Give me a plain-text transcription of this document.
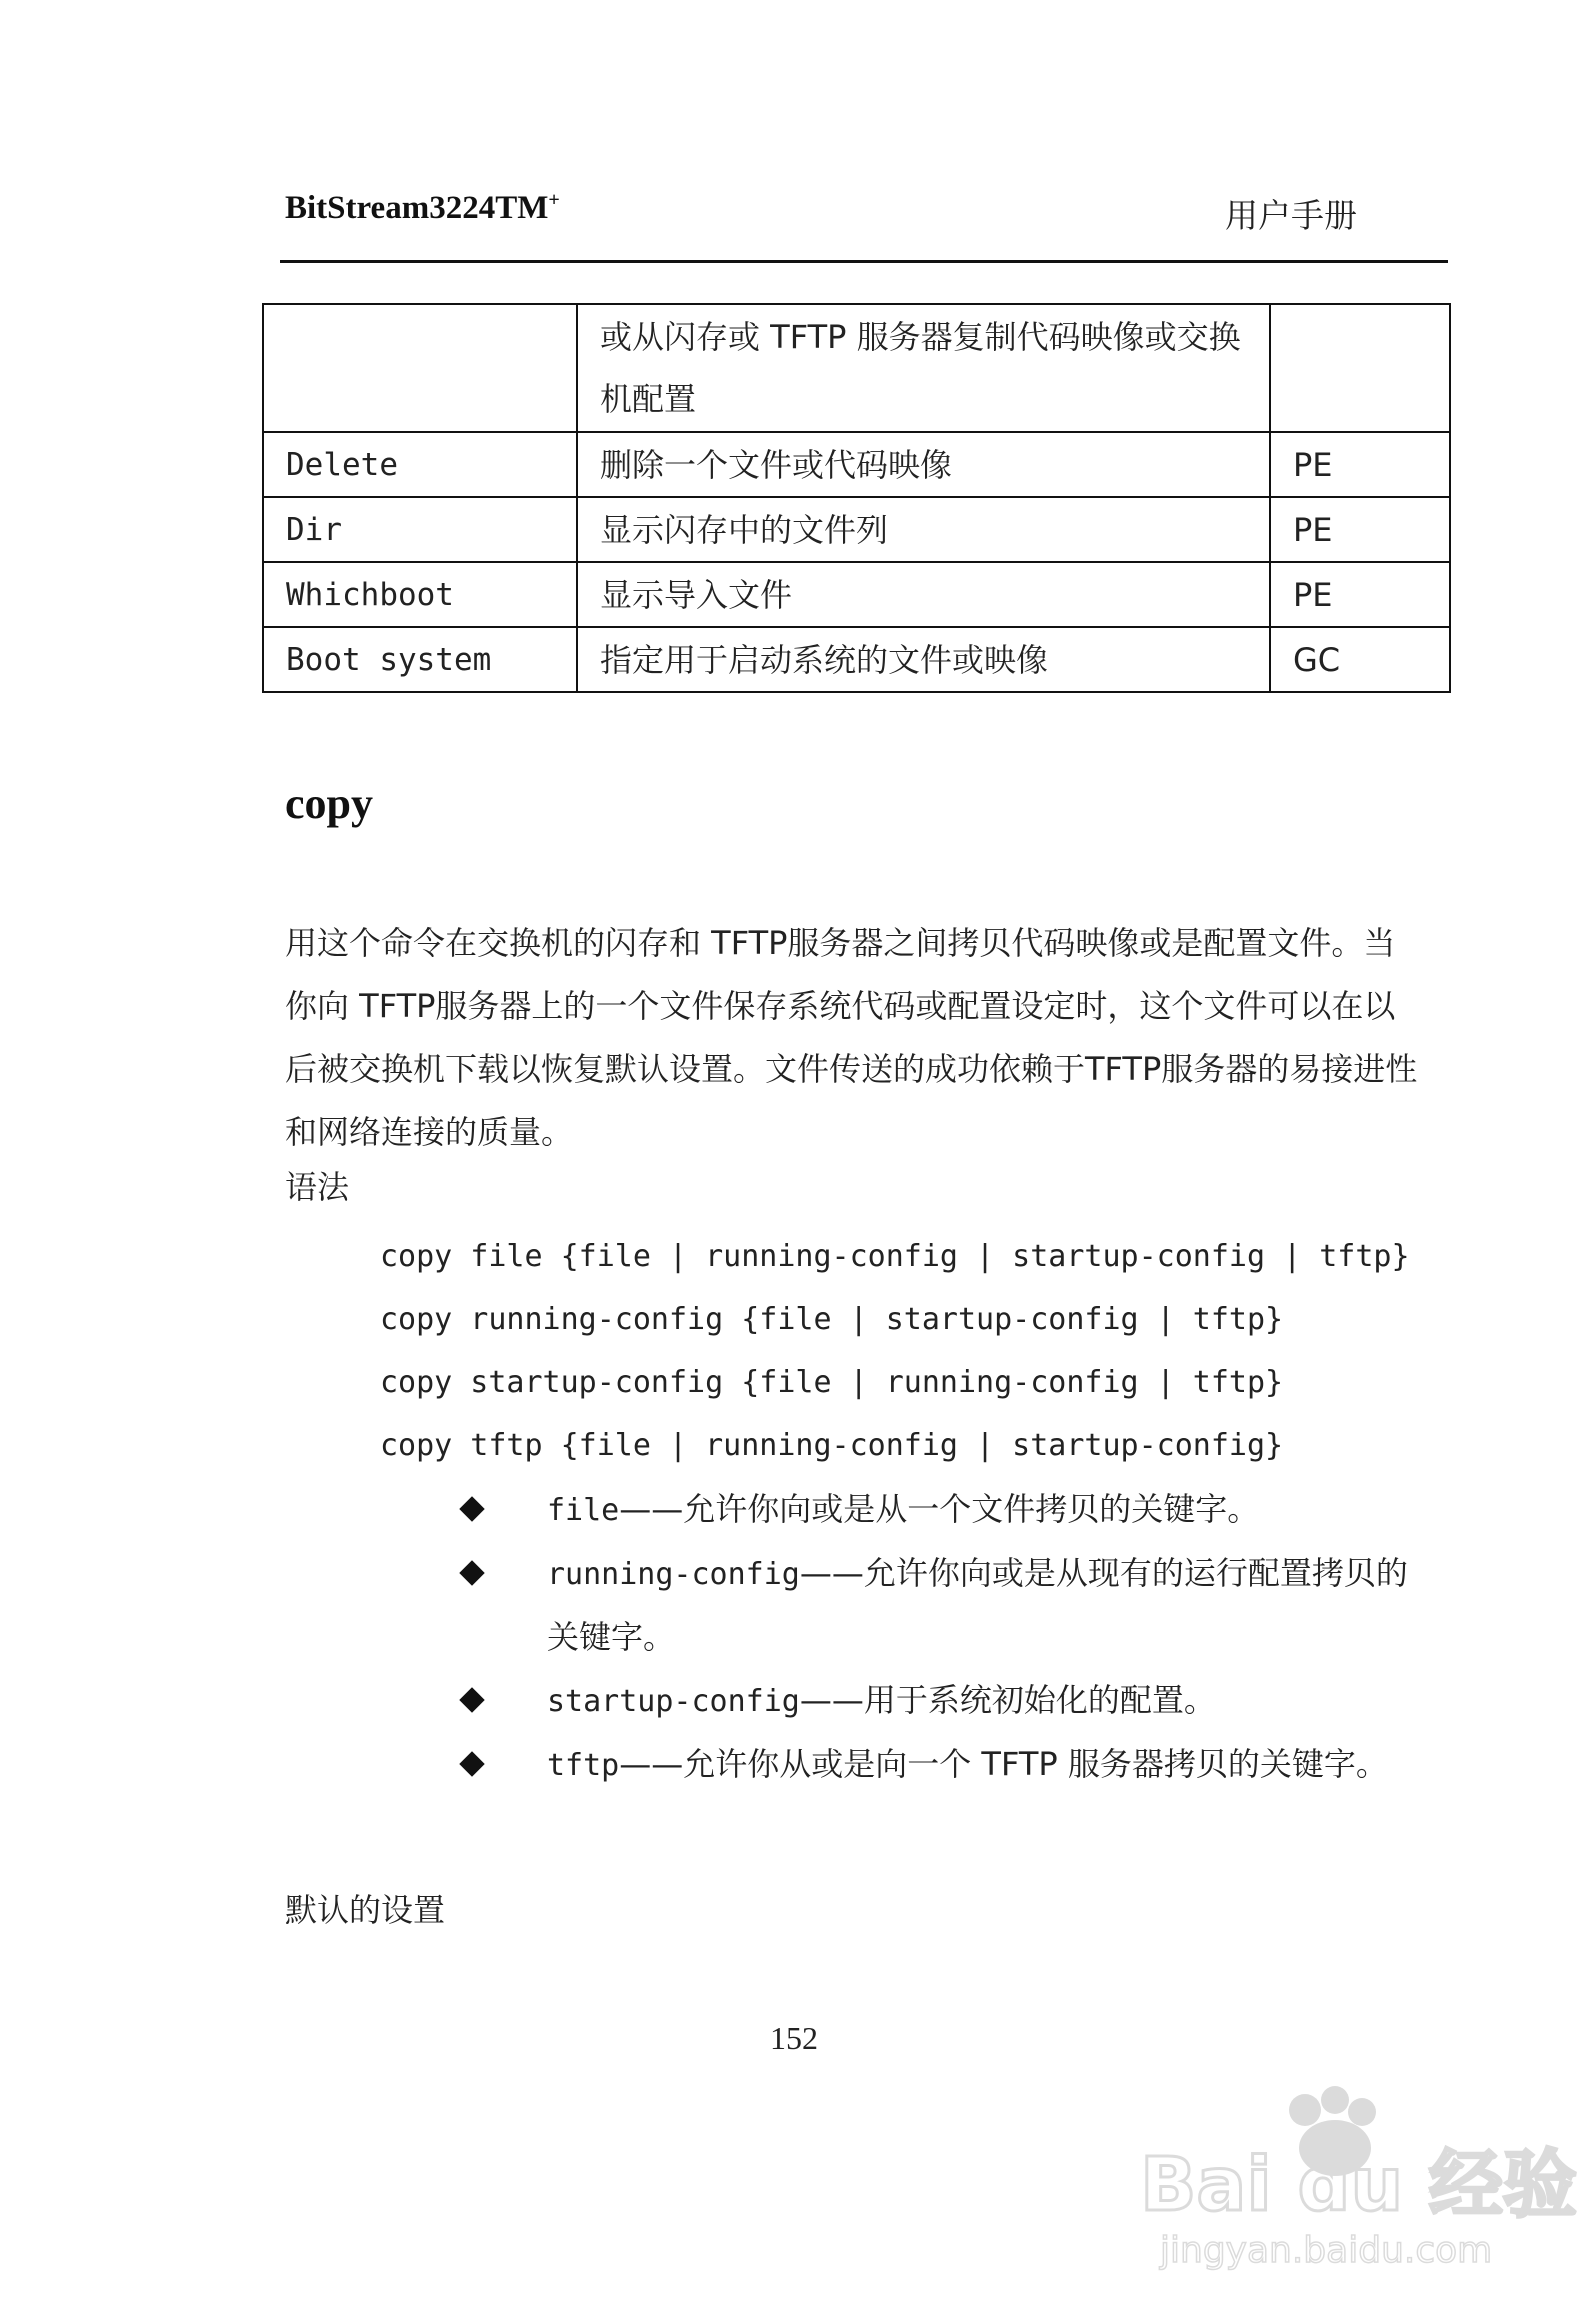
BitStream3224TM+	用户手册
	或从闪存或 TFTP 服务器复制代码映像或交换机配置	
Delete	删除一个文件或代码映像	PE
Dir	显示闪存中的文件列	PE
Whichboot	显示导入文件	PE
Boot system	指定用于启动系统的文件或映像	GC
copy
用这个命令在交换机的闪存和 TFTP服务器之间拷贝代码映像或是配置文件。当你向 TFTP服务器上的一个文件保存系统代码或配置设定时，这个文件可以在以后被交换机下载以恢复默认设置。文件传送的成功依赖于TFTP服务器的易接进性和网络连接的质量。
语法
copy file {file | running-config | startup-config | tftp}
copy running-config {file | startup-config | tftp}
copy startup-config {file | running-config | tftp}
copy tftp {file | running-config | startup-config}
file——允许你向或是从一个文件拷贝的关键字。
running-config——允许你向或是从现有的运行配置拷贝的关键字。
startup-config——用于系统初始化的配置。
tftp——允许你从或是向一个 TFTP 服务器拷贝的关键字。
默认的设置
152
Bai du 经验
jingyan.baidu.com
